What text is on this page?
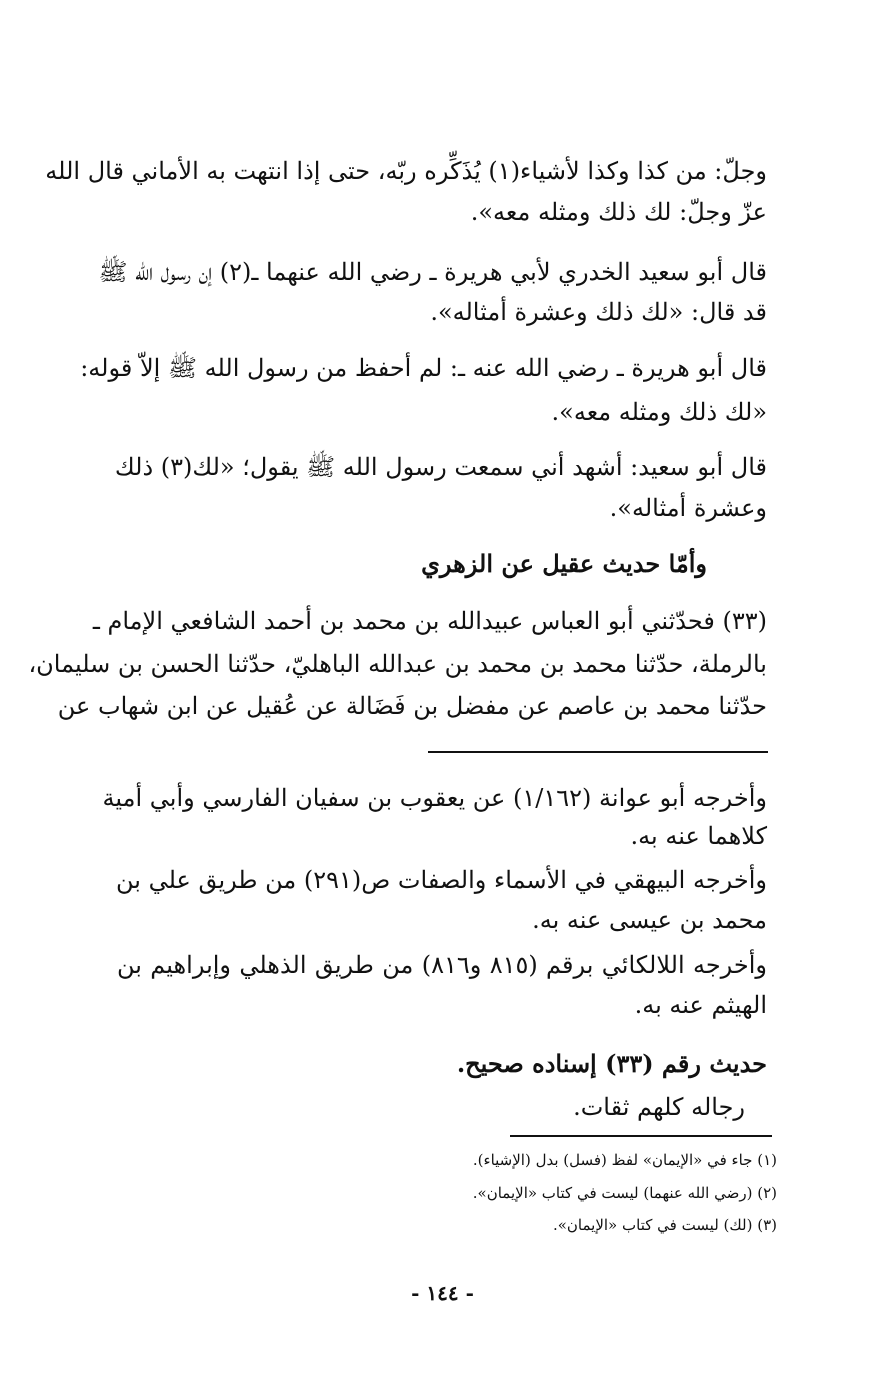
وجلّ: من كذا وكذا لأشياء(١) يُذَكِّره ربّه، حتى إذا انتهت به الأماني قال الله
عزّ وجلّ: لك ذلك ومثله معه».
قال أبو سعيد الخدري لأبي هريرة ـ رضي الله عنهما ـ(٢) إن رسول الله ﷺ
قد قال: «لك ذلك وعشرة أمثاله».
قال أبو هريرة ـ رضي الله عنه ـ: لم أحفظ من رسول الله ﷺ إلاّ قوله:
«لك ذلك ومثله معه».
قال أبو سعيد: أشهد أني سمعت رسول الله ﷺ يقول؛ «لك(٣) ذلك
وعشرة أمثاله».
وأمّا حديث عقيل عن الزهري
(٣٣) فحدّثني أبو العباس عبيدالله بن محمد بن أحمد الشافعي الإمام ـ
بالرملة، حدّثنا محمد بن محمد بن عبدالله الباهليّ، حدّثنا الحسن بن سليمان،
حدّثنا محمد بن عاصم عن مفضل بن فَضَالة عن عُقيل عن ابن شهاب عن
وأخرجه أبو عوانة (١/١٦٢) عن يعقوب بن سفيان الفارسي وأبي أمية
كلاهما عنه به.
وأخرجه البيهقي في الأسماء والصفات ص(٢٩١) من طريق علي بن
محمد بن عيسى عنه به.
وأخرجه اللالكائي برقم (٨١٥ و٨١٦) من طريق الذهلي وإبراهيم بن
الهيثم عنه به.
حديث رقم (٣٣) إسناده صحيح.
رجاله كلهم ثقات.
(١) جاء في «الإيمان» لفظ (فسل) بدل (الإشياء).
(٢) (رضي الله عنهما) ليست في كتاب «الإيمان».
(٣) (لك) ليست في كتاب «الإيمان».
- ١٤٤ -
